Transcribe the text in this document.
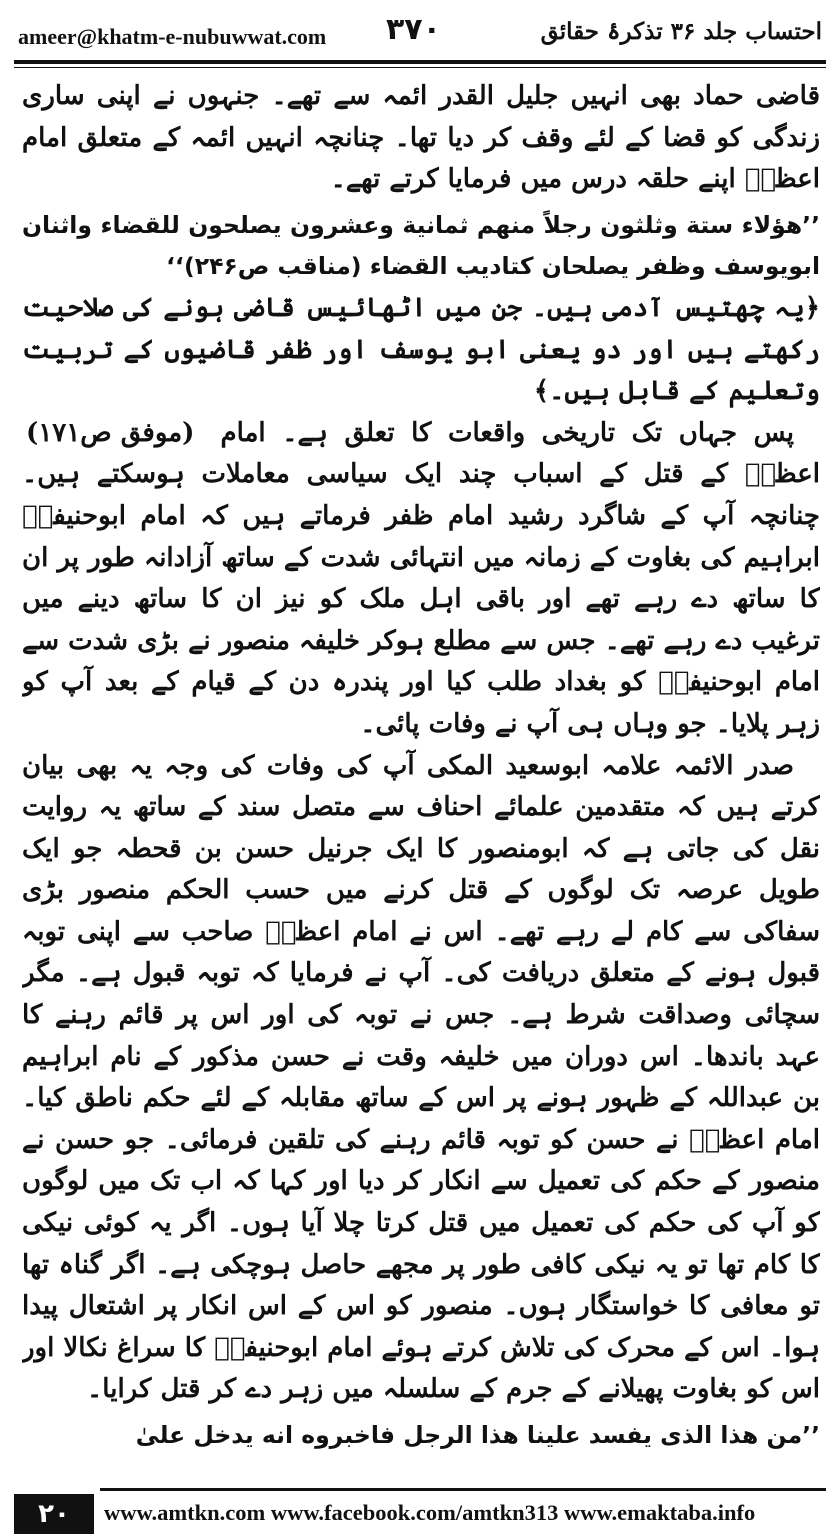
ameer@khatm-e-nubuwwat.com ۳۷۰	احتساب جلد ۳۶ تذکرۂ حقائق

قاضی حماد بھی انہیں جلیل القدر ائمہ سے تھے۔ جنہوں نے اپنی ساری زندگی کو قضا کے لئے وقف کر دیا تھا۔ چنانچہ انہیں ائمہ کے متعلق امام اعظمؒ اپنے حلقہ درس میں فرمایا کرتے تھے۔

’’ھؤلاء ستة وثلثون رجلاً منھم ثمانية وعشرون يصلحون للقضاء واثنان ابويوسف وظفر يصلحان كتاديب القضاء (مناقب ص۲۴۶)‘‘

﴿یہ چھتیس آدمی ہیں۔ جن میں اٹھائیس قاضی ہونے کی صلاحیت رکھتے ہیں اور دو یعنی ابو یوسف اور ظفر قاضیوں کے تربیت وتعلیم کے قابل ہیں۔﴾

(موفق ص۱۷۱)	پس جہاں تک تاریخی واقعات کا تعلق ہے۔ امام اعظمؒ کے قتل کے اسباب چند ایک سیاسی معاملات ہوسکتے ہیں۔ چنانچہ آپ کے شاگرد رشید امام ظفر فرماتے ہیں کہ امام ابوحنیفہؒ ابراہیم کی بغاوت کے زمانہ میں انتہائی شدت کے ساتھ آزادانہ طور پر ان کا ساتھ دے رہے تھے اور باقی اہل ملک کو نیز ان کا ساتھ دینے میں ترغیب دے رہے تھے۔ جس سے مطلع ہوکر خلیفہ منصور نے بڑی شدت سے امام ابوحنیفہؒ کو بغداد طلب کیا اور پندرہ دن کے قیام کے بعد آپ کو زہر پلایا۔ جو وہاں ہی آپ نے وفات پائی۔

صدر الائمہ علامہ ابوسعید المکی آپ کی وفات کی وجہ یہ بھی بیان کرتے ہیں کہ متقدمین علمائے احناف سے متصل سند کے ساتھ یہ روایت نقل کی جاتی ہے کہ ابومنصور کا ایک جرنیل حسن بن قحطہ جو ایک طویل عرصہ تک لوگوں کے قتل کرنے میں حسب الحکم منصور بڑی سفاکی سے کام لے رہے تھے۔ اس نے امام اعظمؒ صاحب سے اپنی توبہ قبول ہونے کے متعلق دریافت کی۔ آپ نے فرمایا کہ توبہ قبول ہے۔ مگر سچائی وصداقت شرط ہے۔ جس نے توبہ کی اور اس پر قائم رہنے کا عہد باندھا۔ اس دوران میں خلیفہ وقت نے حسن مذکور کے نام ابراہیم بن عبداللہ کے ظہور ہونے پر اس کے ساتھ مقابلہ کے لئے حکم ناطق کیا۔ امام اعظمؒ نے حسن کو توبہ قائم رہنے کی تلقین فرمائی۔ جو حسن نے منصور کے حکم کی تعمیل سے انکار کر دیا اور کہا کہ اب تک میں لوگوں کو آپ کی حکم کی تعمیل میں قتل کرتا چلا آیا ہوں۔ اگر یہ کوئی نیکی کا کام تھا تو یہ نیکی کافی طور پر مجھے حاصل ہوچکی ہے۔ اگر گناہ تھا تو معافی کا خواستگار ہوں۔ منصور کو اس کے اس انکار پر اشتعال پیدا ہوا۔ اس کے محرک کی تلاش کرتے ہوئے امام ابوحنیفہؒ کا سراغ نکالا اور اس کو بغاوت پھیلانے کے جرم کے سلسلہ میں زہر دے کر قتل کرایا۔

’’من ھذا الذی یفسد علینا ھذا الرجل فاخبروه انه یدخل علیٰ

۲۰	www.amtkn.com www.facebook.com/amtkn313 www.emaktaba.info
